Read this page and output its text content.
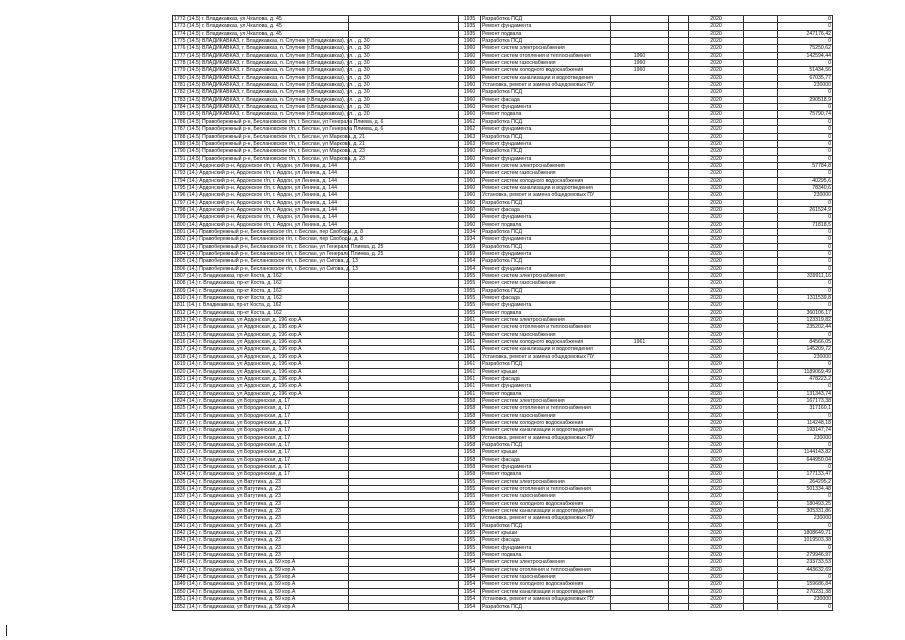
1772 (14.5) г. Владикавказ, ул.Чкалова, д. 45		1935	Разработка ПСД			2020		0
1773 (14.5) г. Владикавказ, ул.Чкалова, д. 45		1935	Ремонт фундамента			2020		0
1774 (14.5) г. Владикавказ, ул.Чкалова, д. 45		1935	Ремонт подвала			2020		247176,42
1775 (14.5) ВЛАДИКАВКАЗ, г. Владикавказ, п. Спутник (г.Владикавказ), ул. , д. 30		1960	Разработка ПСД			2020		0
1776 (14.5) ВЛАДИКАВКАЗ, г. Владикавказ, п. Спутник (г.Владикавказ), ул. , д. 30		1960	Ремонт систем электроснабжения			2020		75250,62
1777 (14.5) ВЛАДИКАВКАЗ, г. Владикавказ, п. Спутник (г.Владикавказ), ул. , д. 30		1960	Ремонт систем отопления и теплоснабжения	1960		2020		142594,44
1778 (14.5) ВЛАДИКАВКАЗ, г. Владикавказ, п. Спутник (г.Владикавказ), ул. , д. 30		1960	Ремонт систем газоснабжения	1960		2020		0
1779 (14.5) ВЛАДИКАВКАЗ, г. Владикавказ, п. Спутник (г.Владикавказ), ул. , д. 30		1960	Ремонт систем холодного водоснабжения	1960		2020		51434,56
1780 (14.5) ВЛАДИКАВКАЗ, г. Владикавказ, п. Спутник (г.Владикавказ), ул. , д. 30		1960	Ремонт систем канализации и водоотведения			2020		67035,77
1781 (14.5) ВЛАДИКАВКАЗ, г. Владикавказ, п. Спутник (г.Владикавказ), ул. , д. 30		1960	Установка, ремонт и замена общедомовых ПУ			2020		230000
1782 (14.5) ВЛАДИКАВКАЗ, г. Владикавказ, п. Спутник (г.Владикавказ), ул. , д. 30		1960	Разработка ПСД			2020		0
1783 (14.5) ВЛАДИКАВКАЗ, г. Владикавказ, п. Спутник (г.Владикавказ), ул. , д. 30		1960	Ремонт фасада			2020		290518,9
1784 (14.5) ВЛАДИКАВКАЗ, г. Владикавказ, п. Спутник (г.Владикавказ), ул. , д. 30		1960	Ремонт фундамента			2020		0
1785 (14.5) ВЛАДИКАВКАЗ, г. Владикавказ, п. Спутник (г.Владикавказ), ул. , д. 30		1960	Ремонт подвала			2020		75790,74
1786 (14.5) Правобережный р-н, Беслановское г/п, г. Беслан, ул Генерала Плиева, д. 6		1962	Разработка ПСД			2020		0
1787 (14.5) Правобережный р-н, Беслановское г/п, г. Беслан, ул Генерала Плиева, д. 6		1962	Ремонт фундамента			2020		0
1788 (14.5) Правобережный р-н, Беслановское г/п, г. Беслан, ул Маркова, д. 21		1963	Разработка ПСД			2020		0
1789 (14.5) Правобережный р-н, Беслановское г/п, г. Беслан, ул Маркова, д. 21		1963	Ремонт фундамента			2020		0
1790 (14.5) Правобережный р-н, Беслановское г/п, г. Беслан, ул Маркова, д. 23		1960	Разработка ПСД			2020		0
1791 (14.5) Правобережный р-н, Беслановское г/п, г. Беслан, ул Маркова, д. 23		1960	Ремонт фундамента			2020		0
1792 (14.) Ардонский р-н, Ардонское г/п, г. Ардон, ул Ленина, д. 144		1960	Ремонт систем электроснабжения			2020		57784,8
1793 (14.) Ардонский р-н, Ардонское г/п, г. Ардон, ул Ленина, д. 144		1960	Ремонт систем газоснабжения			2020		0
1794 (14.) Ардонский р-н, Ардонское г/п, г. Ардон, ул Ленина, д. 144		1960	Ремонт систем холодного водоснабжения			2020		40295,6
1795 (14.) Ардонский р-н, Ардонское г/п, г. Ардон, ул Ленина, д. 144		1960	Ремонт систем канализации и водоотведения			2020		78340,6
1796 (14.) Ардонский р-н, Ардонское г/п, г. Ардон, ул Ленина, д. 144		1960	Установка, ремонт и замена общедомовых ПУ			2020		230000
1797 (14.) Ардонский р-н, Ардонское г/п, г. Ардон, ул Ленина, д. 144		1960	Разработка ПСД			2020		0
1798 (14.) Ардонский р-н, Ардонское г/п, г. Ардон, ул Ленина, д. 144		1960	Ремонт фасада			2020		261524,9
1799 (14.) Ардонский р-н, Ардонское г/п, г. Ардон, ул Ленина, д. 144		1960	Ремонт фундамента			2020		0
1800 (14.) Ардонский р-н, Ардонское г/п, г. Ардон, ул Ленина, д. 144		1960	Ремонт подвала			2020		71818,5
1801 (14.) Правобережный р-н, Беслановское г/п, г. Беслан, пер Свободы, д. 8		1934	Разработка ПСД			2020		0
1802 (14.) Правобережный р-н, Беслановское г/п, г. Беслан, пер Свободы, д. 8		1934	Ремонт фундамента			2020		0
1803 (14.) Правобережный р-н, Беслановское г/п, г. Беслан, ул Генерала Плиева, д. 25		1959	Разработка ПСД			2020		0
1804 (14.) Правобережный р-н, Беслановское г/п, г. Беслан, ул Генерала Плиева, д. 25		1959	Ремонт фундамента			2020		0
1805 (14.) Правобережный р-н, Беслановское г/п, г. Беслан, ул Сигова, д. 13		1964	Разработка ПСД			2020		0
1806 (14.) Правобережный р-н, Беслановское г/п, г. Беслан, ул Сигова, д. 13		1964	Ремонт фундамента			2020		0
1807 (14.) г. Владикавказ, пр-кт Коста, д. 162		1955	Ремонт систем электроснабжения			2020		339911,16
1808 (14.) г. Владикавказ, пр-кт Коста, д. 162		1955	Ремонт систем газоснабжения			2020		0
1809 (14.) г. Владикавказ, пр-кт Коста, д. 162		1955	Разработка ПСД			2020		0
1810 (14.) г. Владикавказ, пр-кт Коста, д. 162		1955	Ремонт фасада			2020		1311539,8
1811 (14.) г. Владикавказ, пр-кт Коста, д. 162		1955	Ремонт фундамента			2020		0
1812 (14.) г. Владикавказ, пр-кт Коста, д. 162		1955	Ремонт подвала			2020		360106,17
1813 (14.) г. Владикавказ, ул Ардонская, д. 196 кор.А		1961	Ремонт систем электроснабжения			2020		123319,82
1814 (14.) г. Владикавказ, ул Ардонская, д. 196 кор.А		1961	Ремонт систем отопления и теплоснабжения			2020		235202,44
1815 (14.) г. Владикавказ, ул Ардонская, д. 196 кор.А		1961	Ремонт систем газоснабжения			2020		0
1816 (14.) г. Владикавказ, ул Ардонская, д. 196 кор.А		1961	Ремонт систем холодного водоснабжения	1961		2020		84566,05
1817 (14.) г. Владикавказ, ул Ардонская, д. 196 кор.А		1961	Ремонт систем канализации и водоотведения			2020		145209,72
1818 (14.) г. Владикавказ, ул Ардонская, д. 196 кор.А		1961	Установка, ремонт и замена общедомовых ПУ			2020		230000
1819 (14.) г. Владикавказ, ул Ардонская, д. 196 кор.А		1961	Разработка ПСД			2020		0
1820 (14.) г. Владикавказ, ул Ардонская, д. 196 кор.А		1961	Ремонт крыши			2020		1189069,49
1821 (14.) г. Владикавказ, ул Ардонская, д. 196 кор.А		1961	Ремонт фасада			2020		478223,2
1822 (14.) г. Владикавказ, ул Ардонская, д. 196 кор.А		1961	Ремонт фундамента			2020		0
1823 (14.) г. Владикавказ, ул Ардонская, д. 196 кор.А		1961	Ремонт подвала			2020		131343,74
1824 (14.) г. Владикавказ, ул Бородинская, д. 17		1958	Ремонт систем электроснабжения			2020		167173,38
1825 (14.) г. Владикавказ, ул Бородинская, д. 17		1958	Ремонт систем отопления и теплоснабжения			2020		317160,1
1826 (14.) г. Владикавказ, ул Бородинская, д. 17		1958	Ремонт систем газоснабжения			2020		0
1827 (14.) г. Владикавказ, ул Бородинская, д. 17		1958	Ремонт систем холодного водоснабжения			2020		114248,18
1828 (14.) г. Владикавказ, ул Бородинская, д. 17		1958	Ремонт систем канализации и водоотведения			2020		193147,74
1829 (14.) г. Владикавказ, ул Бородинская, д. 17		1958	Установка, ремонт и замена общедомовых ПУ			2020		230000
1830 (14.) г. Владикавказ, ул Бородинская, д. 17		1958	Разработка ПСД			2020		0
1831 (14.) г. Владикавказ, ул Бородинская, д. 17		1958	Ремонт крыши			2020		1144143,82
1832 (14.) г. Владикавказ, ул Бородинская, д. 17		1958	Ремонт фасада			2020		644950,04
1833 (14.) г. Владикавказ, ул Бородинская, д. 17		1958	Ремонт фундамента			2020		0
1834 (14.) г. Владикавказ, ул Бородинская, д. 17		1958	Ремонт подвала			2020		177133,47
1835 (14.) г. Владикавказ, ул Ватутина, д. 23		1955	Ремонт систем электроснабжения			2020		264295,2
1836 (14.) г. Владикавказ, ул Ватутина, д. 23		1955	Ремонт систем отопления и теплоснабжения			2020		501334,48
1837 (14.) г. Владикавказ, ул Ватутина, д. 23		1955	Ремонт систем газоснабжения			2020		0
1838 (14.) г. Владикавказ, ул Ватутина, д. 23		1955	Ремонт систем холодного водоснабжения			2020		180493,25
1839 (14.) г. Владикавказ, ул Ватутина, д. 23		1955	Ремонт систем канализации и водоотведения			2020		305331,86
1840 (14.) г. Владикавказ, ул Ватутина, д. 23		1955	Установка, ремонт и замена общедомовых ПУ			2020		230000
1841 (14.) г. Владикавказ, ул Ватутина, д. 23		1955	Разработка ПСД			2020		0
1842 (14.) г. Владикавказ, ул Ватутина, д. 23		1955	Ремонт крыши			2020		1808649,71
1843 (14.) г. Владикавказ, ул Ватутина, д. 23		1955	Ремонт фасада			2020		1019503,38
1844 (14.) г. Владикавказ, ул Ватутина, д. 23		1955	Ремонт фундамента			2020		0
1845 (14.) г. Владикавказ, ул Ватутина, д. 23		1955	Ремонт подвала			2020		279946,97
1846 (14.) г. Владикавказ, ул Ватутина, д. 59 кор.А		1954	Ремонт систем электроснабжения			2020		233733,53
1847 (14.) г. Владикавказ, ул Ватутина, д. 59 кор.А		1954	Ремонт систем отопления и теплоснабжения			2020		443632,69
1848 (14.) г. Владикавказ, ул Ватутина, д. 59 кор.А		1954	Ремонт систем газоснабжения			2020		0
1849 (14.) г. Владикавказ, ул Ватутина, д. 59 кор.А		1954	Ремонт систем холодного водоснабжения			2020		159686,84
1850 (14.) г. Владикавказ, ул Ватутина, д. 59 кор.А		1954	Ремонт систем канализации и водоотведения			2020		270231,38
1851 (14.) г. Владикавказ, ул Ватутина, д. 59 кор.А		1954	Установка, ремонт и замена общедомовых ПУ			2020		230000
1852 (14.) г. Владикавказ, ул Ватутина, д. 59 кор.А		1954	Разработка ПСД			2020		0
